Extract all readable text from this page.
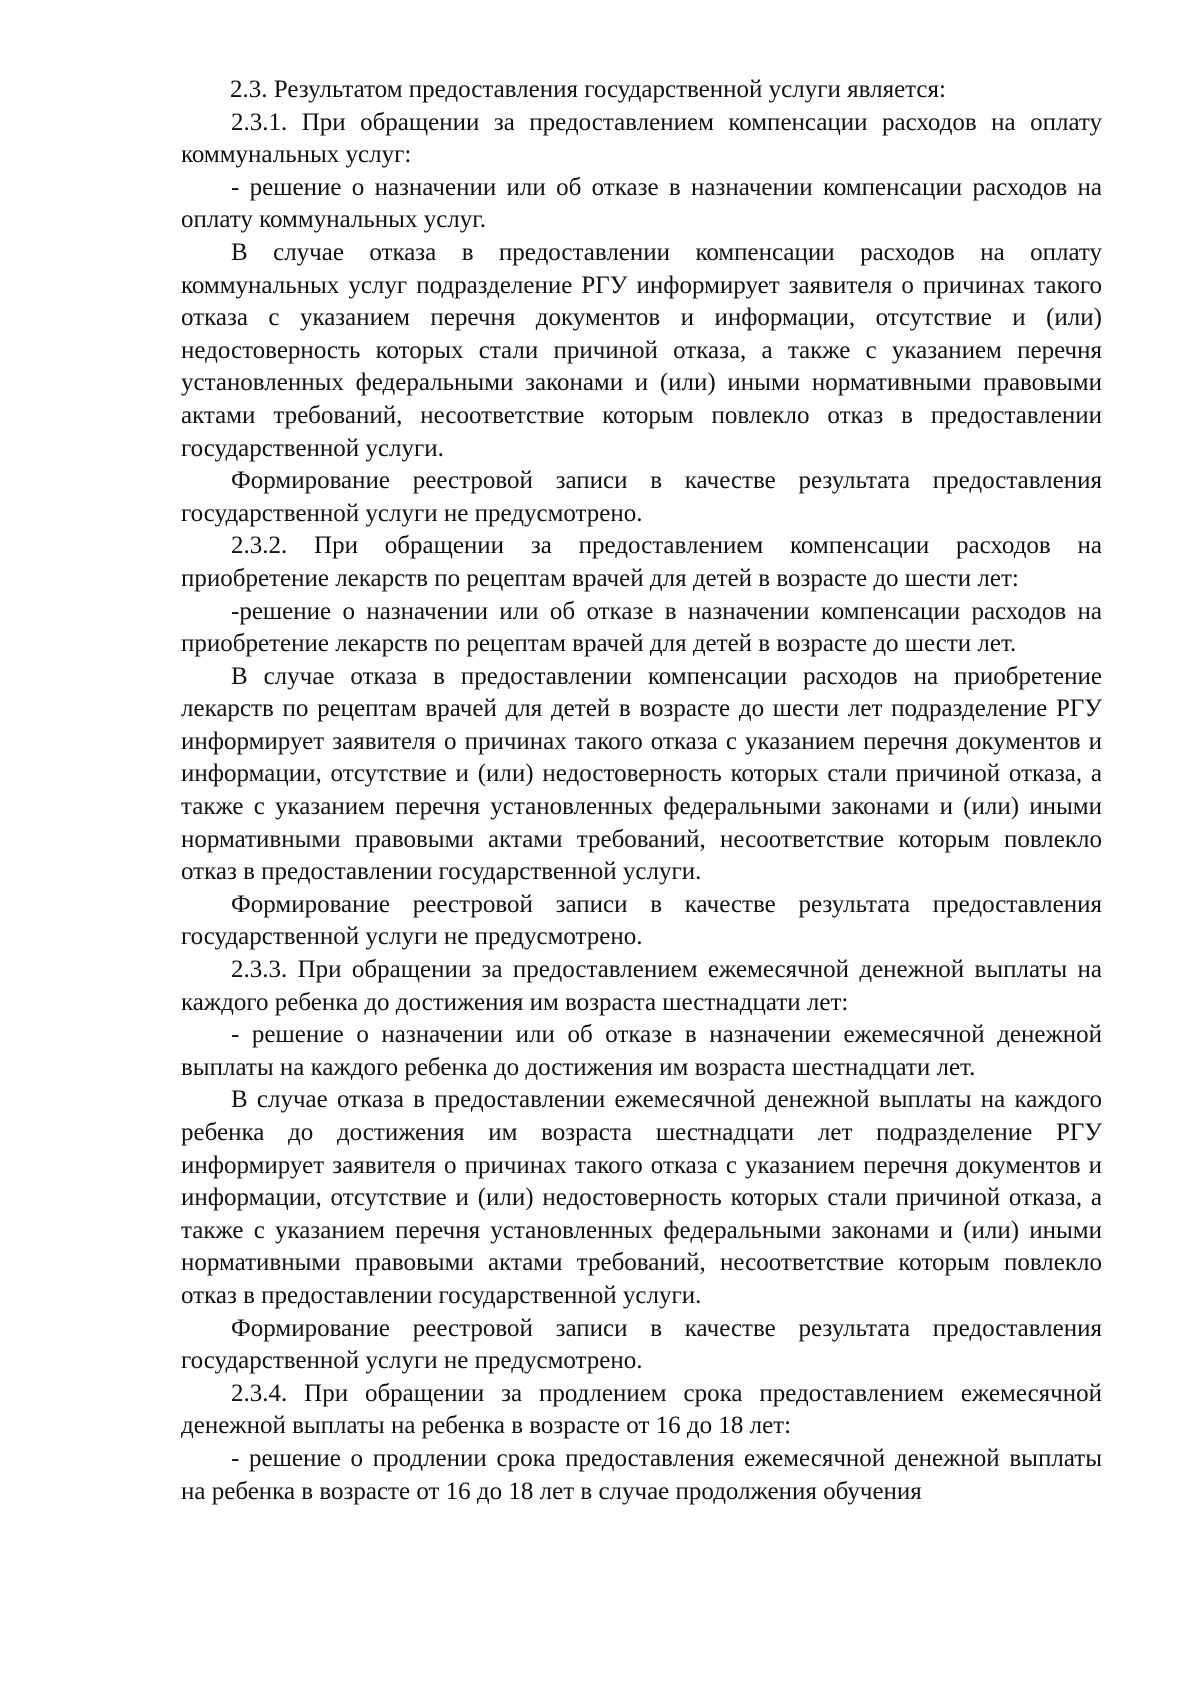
2.3. Результатом предоставления государственной услуги является:

2.3.1. При обращении за предоставлением компенсации расходов на оплату коммунальных услуг:

- решение о назначении или об отказе в назначении компенсации расходов на оплату коммунальных услуг.

В случае отказа в предоставлении компенсации расходов на оплату коммунальных услуг подразделение РГУ информирует заявителя о причинах такого отказа с указанием перечня документов и информации, отсутствие и (или) недостоверность которых стали причиной отказа, а также с указанием перечня установленных федеральными законами и (или) иными нормативными правовыми актами требований, несоответствие которым повлекло отказ в предоставлении государственной услуги.

Формирование реестровой записи в качестве результата предоставления государственной услуги не предусмотрено.

2.3.2. При обращении за предоставлением компенсации расходов на приобретение лекарств по рецептам врачей для детей в возрасте до шести лет:

-решение о назначении или об отказе в назначении компенсации расходов на приобретение лекарств по рецептам врачей для детей в возрасте до шести лет.

В случае отказа в предоставлении компенсации расходов на приобретение лекарств по рецептам врачей для детей в возрасте до шести лет подразделение РГУ информирует заявителя о причинах такого отказа с указанием перечня документов и информации, отсутствие и (или) недостоверность которых стали причиной отказа, а также с указанием перечня установленных федеральными законами и (или) иными нормативными правовыми актами требований, несоответствие которым повлекло отказ в предоставлении государственной услуги.

Формирование реестровой записи в качестве результата предоставления государственной услуги не предусмотрено.

2.3.3. При обращении за предоставлением ежемесячной денежной выплаты на каждого ребенка до достижения им возраста шестнадцати лет:

- решение о назначении или об отказе в назначении ежемесячной денежной выплаты на каждого ребенка до достижения им возраста шестнадцати лет.

В случае отказа в предоставлении ежемесячной денежной выплаты на каждого ребенка до достижения им возраста шестнадцати лет подразделение РГУ информирует заявителя о причинах такого отказа с указанием перечня документов и информации, отсутствие и (или) недостоверность которых стали причиной отказа, а также с указанием перечня установленных федеральными законами и (или) иными нормативными правовыми актами требований, несоответствие которым повлекло отказ в предоставлении государственной услуги.

Формирование реестровой записи в качестве результата предоставления государственной услуги не предусмотрено.

2.3.4. При обращении за продлением срока предоставлением ежемесячной денежной выплаты на ребенка в возрасте от 16 до 18 лет:

- решение о продлении срока предоставления ежемесячной денежной выплаты на ребенка в возрасте от 16 до 18 лет в случае продолжения обучения
